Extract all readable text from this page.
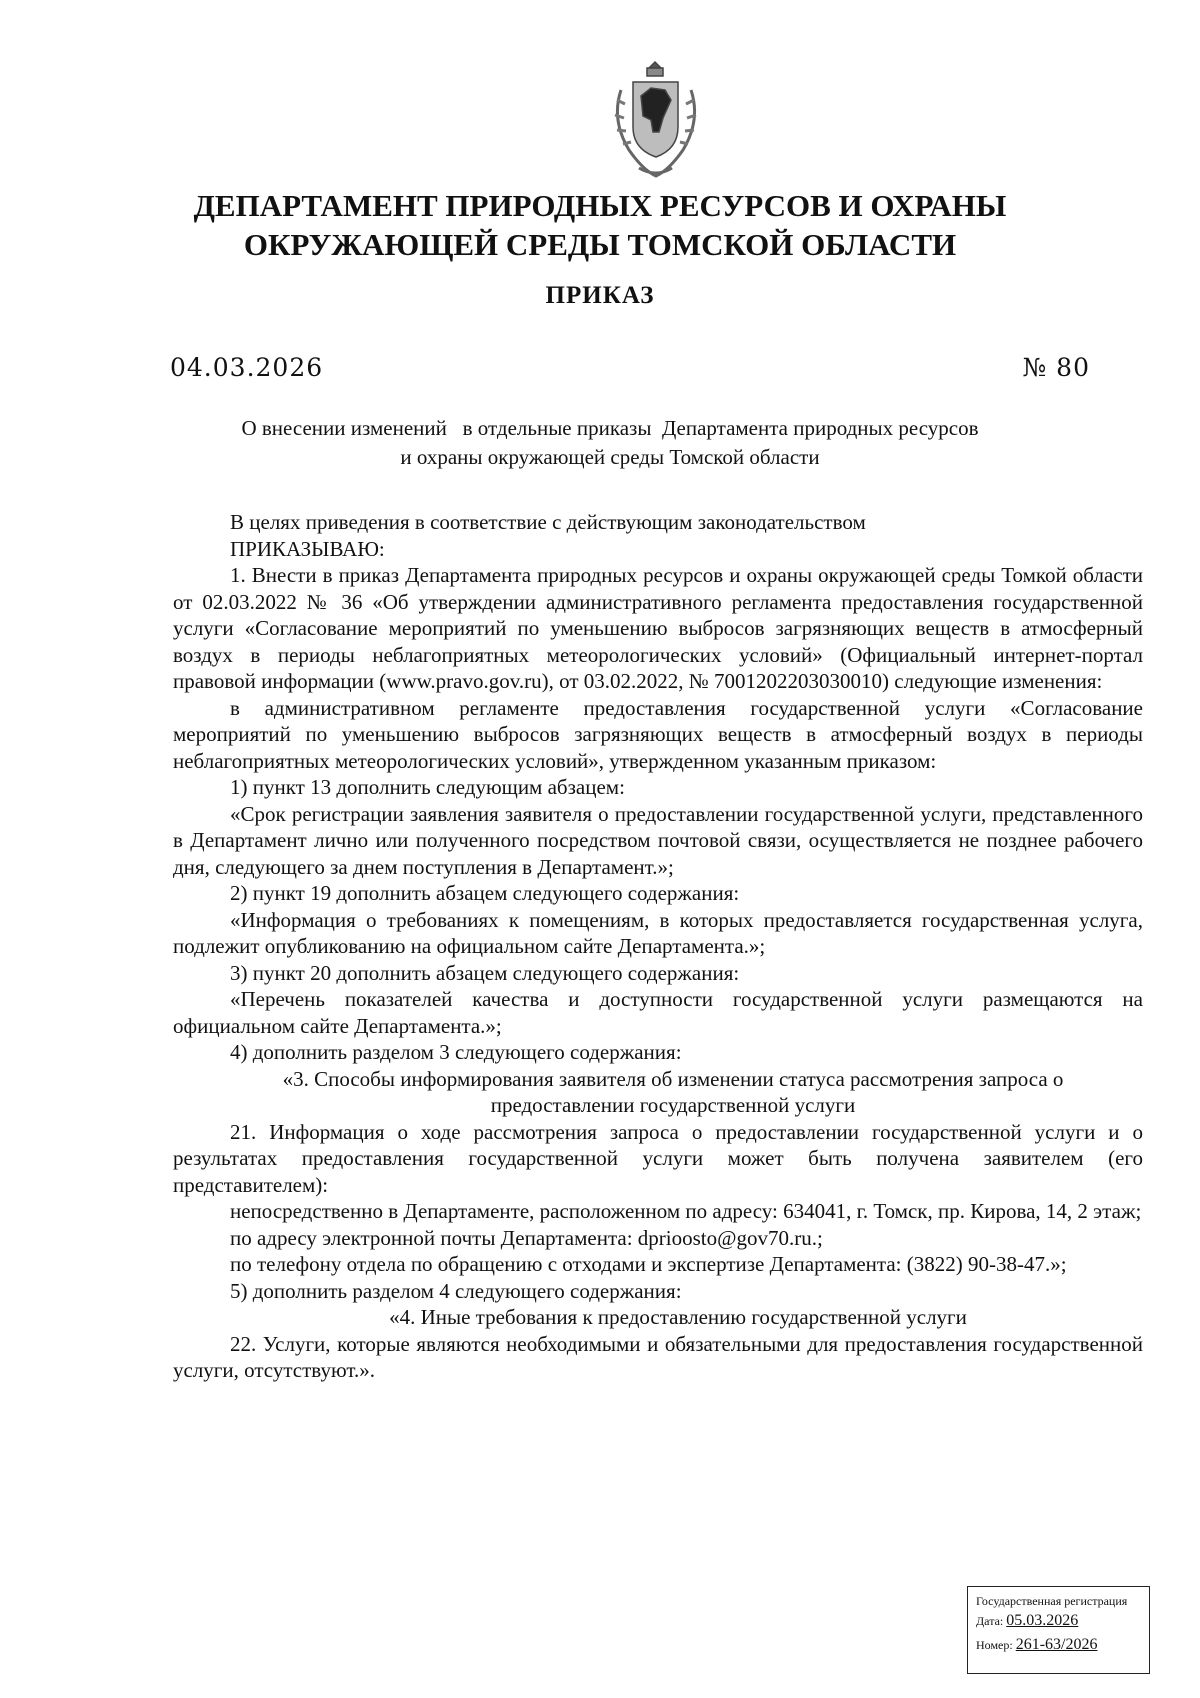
ДЕПАРТАМЕНТ ПРИРОДНЫХ РЕСУРСОВ И ОХРАНЫ
ОКРУЖАЮЩЕЙ СРЕДЫ ТОМСКОЙ ОБЛАСТИ
ПРИКАЗ
04.03.2026	№ 80
О внесении изменений   в отдельные приказы  Департамента природных ресурсов
и охраны окружающей среды Томской области

В целях приведения в соответствие с действующим законодательством

ПРИКАЗЫВАЮ:

1. Внести в приказ Департамента природных ресурсов и охраны окружающей среды Томкой области от 02.03.2022 № 36 «Об утверждении административного регламента предоставления государственной услуги «Согласование мероприятий по уменьшению выбросов загрязняющих веществ в атмосферный воздух в периоды неблагоприятных метеорологических условий» (Официальный интернет-портал правовой информации (www.pravo.gov.ru), от 03.02.2022, № 7001202203030010) следующие изменения:

в административном регламенте предоставления государственной услуги «Согласование мероприятий по уменьшению выбросов загрязняющих веществ в атмосферный воздух в периоды неблагоприятных метеорологических условий», утвержденном указанным приказом:

1) пункт 13 дополнить следующим абзацем:

«Срок регистрации заявления заявителя о предоставлении государственной услуги, представленного в Департамент лично или полученного посредством почтовой связи, осуществляется не позднее рабочего дня, следующего за днем поступления в Департамент.»;

2) пункт 19 дополнить абзацем следующего содержания:

«Информация о требованиях к помещениям, в которых предоставляется государственная услуга, подлежит опубликованию на официальном сайте Департамента.»;

3) пункт 20 дополнить абзацем следующего содержания:

«Перечень показателей качества и доступности государственной услуги размещаются на официальном сайте Департамента.»;

4) дополнить разделом 3 следующего содержания:

«3. Способы информирования заявителя об изменении статуса рассмотрения запроса о предоставлении государственной услуги

21. Информация о ходе рассмотрения запроса о предоставлении государственной услуги и о результатах предоставления государственной услуги может быть получена заявителем (его представителем):

непосредственно в Департаменте, расположенном по адресу: 634041, г. Томск, пр. Кирова, 14, 2 этаж;

по адресу электронной почты Департамента: dprioosto@gov70.ru.;

по телефону отдела по обращению с отходами и экспертизе Департамента: (3822) 90-38-47.»;

5) дополнить разделом 4 следующего содержания:

«4. Иные требования к предоставлению государственной услуги

22. Услуги, которые являются необходимыми и обязательными для предоставления государственной услуги, отсутствуют.».

Государственная регистрация
Дата: 05.03.2026
Номер: 261-63/2026
